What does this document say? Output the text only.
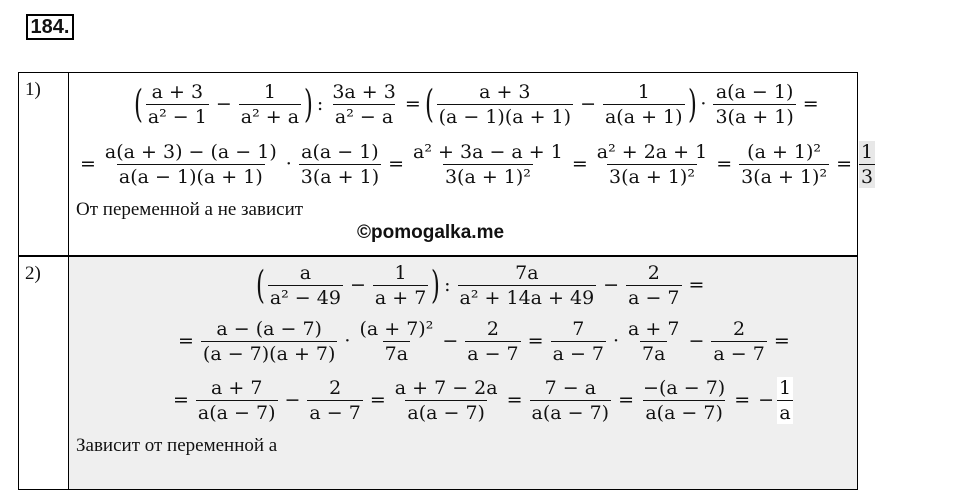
184.
1) ( $\frac{a + 3}{\text{a² − 1}} - \frac{1}{\text{a² + a}}$ ) : $\frac{3a + 3}{\text{a² − a}}$ = ( $\frac{a + 3}{(a - 1)(a + 1)} - \frac{1}{a(a + 1)}$ ) · $\frac{a(a - 1)}{3(a + 1)}$ =
= $\frac{a(a + 3) - (a - 1)}{a(a - 1)(a + 1)} \cdot \frac{a(a - 1)}{3(a + 1)} = \frac{\text{a² + 3a − a + 1}}{\text{3(a + 1)²}} = \frac{\text{a² + 2a + 1}}{\text{3(a + 1)²}} = \frac{\text{(a + 1)²}}{\text{3(a + 1)²}} = \frac{1}{3}$
От переменной a не зависит
2)	( $\frac{a}{\text{a² − 49}} - \frac{1}{a + 7}$ ) : $\frac{7a}{\text{a² + 14a + 49}} - \frac{2}{a - 7}$ =
= $\frac{a - (a - 7)}{(a - 7)(a + 7)} \cdot \frac{\text{(a + 7)²}}{7a} - \frac{2}{a - 7} = \frac{7}{a - 7} \cdot \frac{a + 7}{7a} - \frac{2}{a - 7}$ =
= $\frac{a + 7}{a(a - 7)} - \frac{2}{a - 7} = \frac{a + 7 - 2a}{a(a - 7)} = \frac{7 - a}{a(a - 7)} = \frac{-(a - 7)}{a(a - 7)}$ = − $\frac{1}{a}$
Зависит от переменной a
©pomogalka.me
